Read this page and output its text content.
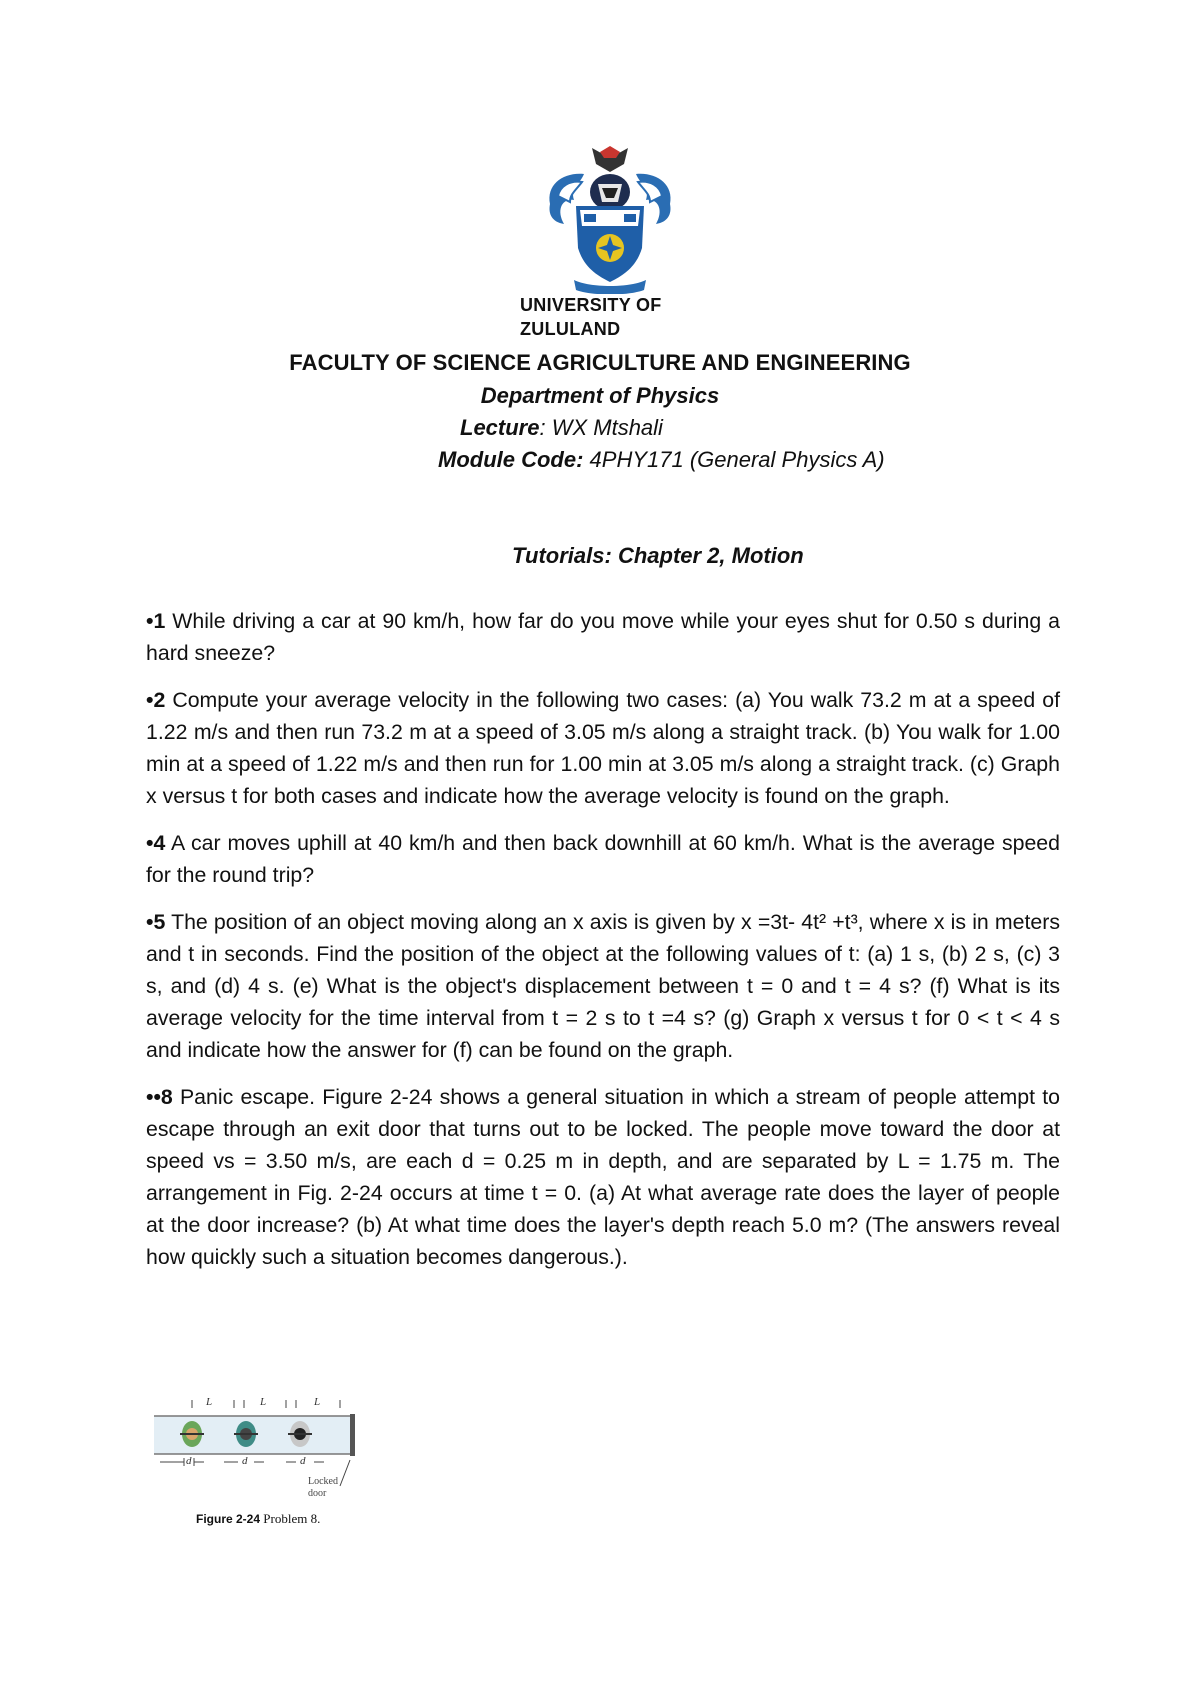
UNIVERSITY OF
ZULULAND
FACULTY OF SCIENCE AGRICULTURE AND ENGINEERING
Department of Physics
Lecture: WX Mtshali
Module Code: 4PHY171 (General Physics A)
Tutorials: Chapter 2, Motion

•1 While driving a car at 90 km/h, how far do you move while your eyes shut for 0.50 s during a hard sneeze?

•2 Compute your average velocity in the following two cases: (a) You walk 73.2 m at a speed of 1.22 m/s and then run 73.2 m at a speed of 3.05 m/s along a straight track. (b) You walk for 1.00 min at a speed of 1.22 m/s and then run for 1.00 min at 3.05 m/s along a straight track. (c) Graph x versus t for both cases and indicate how the average velocity is found on the graph.

•4 A car moves uphill at 40 km/h and then back downhill at 60 km/h. What is the average speed for the round trip?

•5 The position of an object moving along an x axis is given by x =3t- 4t² +t³, where x is in meters and t in seconds. Find the position of the object at the following values of t: (a) 1 s, (b) 2 s, (c) 3 s, and (d) 4 s. (e) What is the object's displacement between t = 0 and t = 4 s? (f) What is its average velocity for the time interval from t = 2 s to t =4 s? (g) Graph x versus t for 0 < t < 4 s and indicate how the answer for (f) can be found on the graph.

••8 Panic escape. Figure 2-24 shows a general situation in which a stream of people attempt to escape through an exit door that turns out to be locked. The people move toward the door at speed vs = 3.50 m/s, are each d = 0.25 m in depth, and are separated by L = 1.75 m. The arrangement in Fig. 2-24 occurs at time t = 0. (a) At what average rate does the layer of people at the door increase? (b) At what time does the layer's depth reach 5.0 m? (The answers reveal how quickly such a situation becomes dangerous.).

L	L	L
d	d	d
Locked
door
Figure 2-24 Problem 8.
